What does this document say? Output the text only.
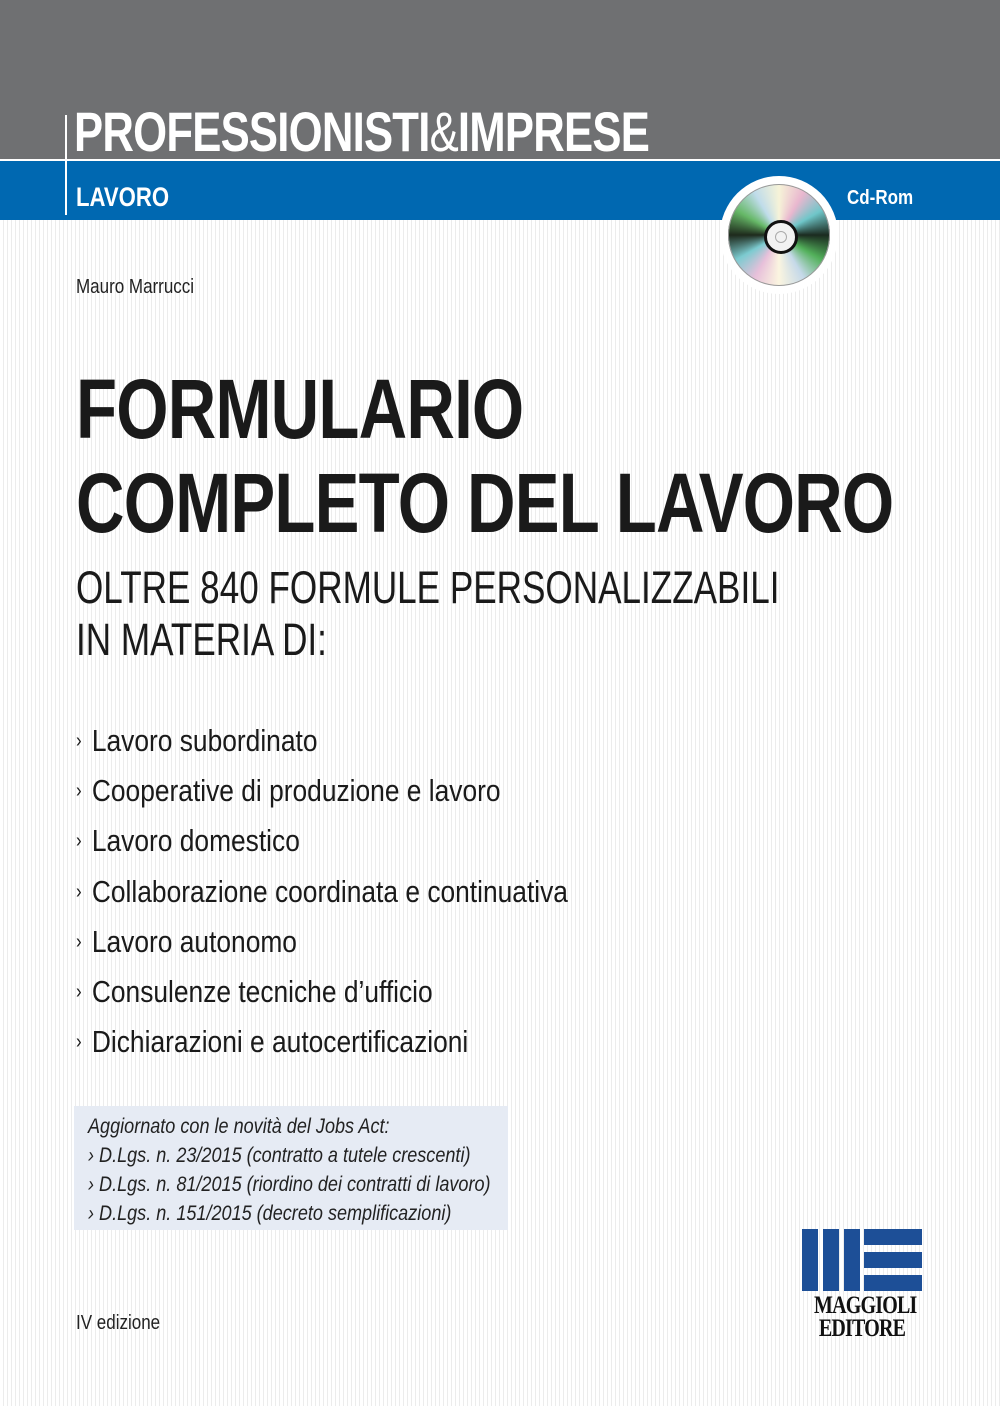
PROFESSIONISTI&IMPRESE
LAVORO	Cd-Rom
Mauro Marrucci
FORMULARIO
COMPLETO DEL LAVORO
OLTRE 840 FORMULE PERSONALIZZABILI
IN MATERIA DI:
› Lavoro subordinato
› Cooperative di produzione e lavoro
› Lavoro domestico
› Collaborazione coordinata e continuativa
› Lavoro autonomo
› Consulenze tecniche d’ufficio
› Dichiarazioni e autocertificazioni
Aggiornato con le novità del Jobs Act:
› D.Lgs. n. 23/2015 (contratto a tutele crescenti)
› D.Lgs. n. 81/2015 (riordino dei contratti di lavoro)
› D.Lgs. n. 151/2015 (decreto semplificazioni)
IV edizione
MAGGIOLI
EDITORE
